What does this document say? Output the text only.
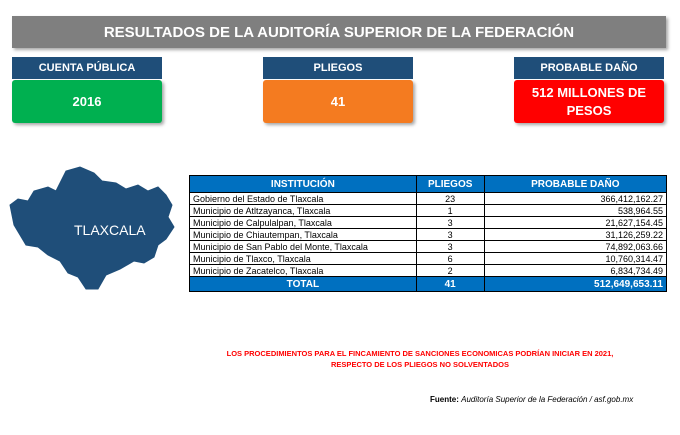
RESULTADOS DE LA AUDITORÍA SUPERIOR DE LA FEDERACIÓN
CUENTA PÚBLICA
2016
PLIEGOS
41
PROBABLE DAÑO
512 MILLONES DE PESOS
TLAXCALA
INSTITUCIÓN	PLIEGOS	PROBABLE DAÑO
Gobierno del Estado de Tlaxcala	23	366,412,162.27
Municipio de Atltzayanca, Tlaxcala	1	538,964.55
Municipio de Calpulalpan, Tlaxcala	3	21,627,154.45
Municipio de Chiautempan, Tlaxcala	3	31,126,259.22
Municipio de San Pablo del Monte, Tlaxcala	3	74,892,063.66
Municipio de Tlaxco, Tlaxcala	6	10,760,314.47
Municipio de Zacatelco, Tlaxcala	2	6,834,734.49
TOTAL	41	512,649,653.11
LOS PROCEDIMIENTOS PARA EL FINCAMIENTO DE SANCIONES ECONOMICAS PODRÍAN INICIAR EN 2021,
RESPECTO DE LOS PLIEGOS NO SOLVENTADOS
Fuente: Auditoría Superior de la Federación / asf.gob.mx
